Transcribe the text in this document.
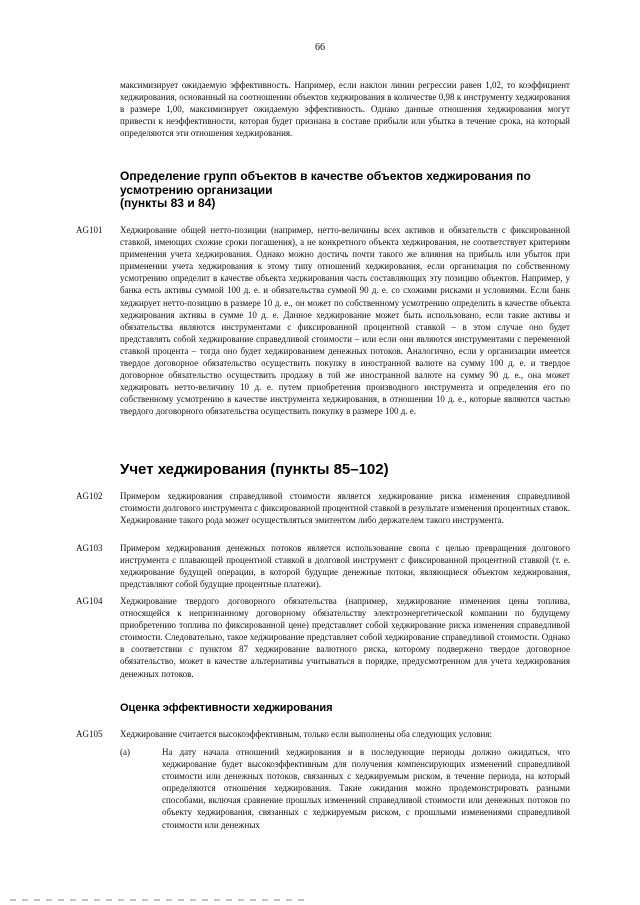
66
максимизирует ожидаемую эффективность. Например, если наклон линии регрессии равен 1,02, то коэффициент хеджирования, основанный на соотношении объектов хеджирования в количестве 0,98 к инструменту хеджирования в размере 1,00, максимизирует ожидаемую эффективность. Однако данные отношения хеджирования могут привести к неэффективности, которая будет признана в составе прибыли или убытка в течение срока, на который определяются эти отношения хеджирования.
Определение групп объектов в качестве объектов хеджирования по усмотрению организации
(пункты 83 и 84)
AG101 Хеджирование общей нетто-позиции (например, нетто-величины всех активов и обязательств с фиксированной ставкой, имеющих схожие сроки погашения), а не конкретного объекта хеджирования, не соответствует критериям применения учета хеджирования. Однако можно достичь почти такого же влияния на прибыль или убыток при применении учета хеджирования к этому типу отношений хеджирования, если организация по собственному усмотрению определит в качестве объекта хеджирования часть составляющих эту позицию объектов. Например, у банка есть активы суммой 100 д. е. и обязательства суммой 90 д. е. со схожими рисками и условиями. Если банк хеджирует нетто-позицию в размере 10 д. е., он может по собственному усмотрению определить в качестве объекта хеджирования активы в сумме 10 д. е. Данное хеджирование может быть использовано, если такие активы и обязательства являются инструментами с фиксированной процентной ставкой – в этом случае оно будет представлять собой хеджирование справедливой стоимости – или если они являются инструментами с переменной ставкой процента – тогда оно будет хеджированием денежных потоков. Аналогично, если у организации имеется твердое договорное обязательство осуществить покупку в иностранной валюте на сумму 100 д. е. и твердое договорное обязательство осуществить продажу в той же иностранной валюте на сумму 90 д. е., она может хеджировать нетто-величину 10 д. е. путем приобретения производного инструмента и определения его по собственному усмотрению в качестве инструмента хеджирования, в отношении 10 д. е., которые являются частью твердого договорного обязательства осуществить покупку в размере 100 д. е.
Учет хеджирования (пункты 85–102)
AG102 Примером хеджирования справедливой стоимости является хеджирование риска изменения справедливой стоимости долгового инструмента с фиксированной процентной ставкой в результате изменения процентных ставок. Хеджирование такого рода может осуществляться эмитентом либо держателем такого инструмента.
AG103 Примером хеджирования денежных потоков является использование свопа с целью превращения долгового инструмента с плавающей процентной ставкой в долговой инструмент с фиксированной процентной ставкой (т. е. хеджирование будущей операции, в которой будущие денежные потоки, являющиеся объектом хеджирования, представляют собой будущие процентные платежи).
AG104 Хеджирование твердого договорного обязательства (например, хеджирование изменения цены топлива, относящейся к непризнанному договорному обязательству электроэнергетической компании по будущему приобретению топлива по фиксированной цене) представляет собой хеджирование риска изменения справедливой стоимости. Следовательно, такое хеджирование представляет собой хеджирование справедливой стоимости. Однако в соответствии с пунктом 87 хеджирование валютного риска, которому подвержено твердое договорное обязательство, может в качестве альтернативы учитываться в порядке, предусмотренном для учета хеджирования денежных потоков.
Оценка эффективности хеджирования
AG105 Хеджирование считается высокоэффективным, только если выполнены оба следующих условия:
(а)	На дату начала отношений хеджирования и в последующие периоды должно ожидаться, что хеджирование будет высокоэффективным для получения компенсирующих изменений справедливой стоимости или денежных потоков, связанных с хеджируемым риском, в течение периода, на который определяются отношения хеджирования. Такие ожидания можно продемонстрировать разными способами, включая сравнение прошлых изменений справедливой стоимости или денежных потоков по объекту хеджирования, связанных с хеджируемым риском, с прошлыми изменениями справедливой стоимости или денежных
